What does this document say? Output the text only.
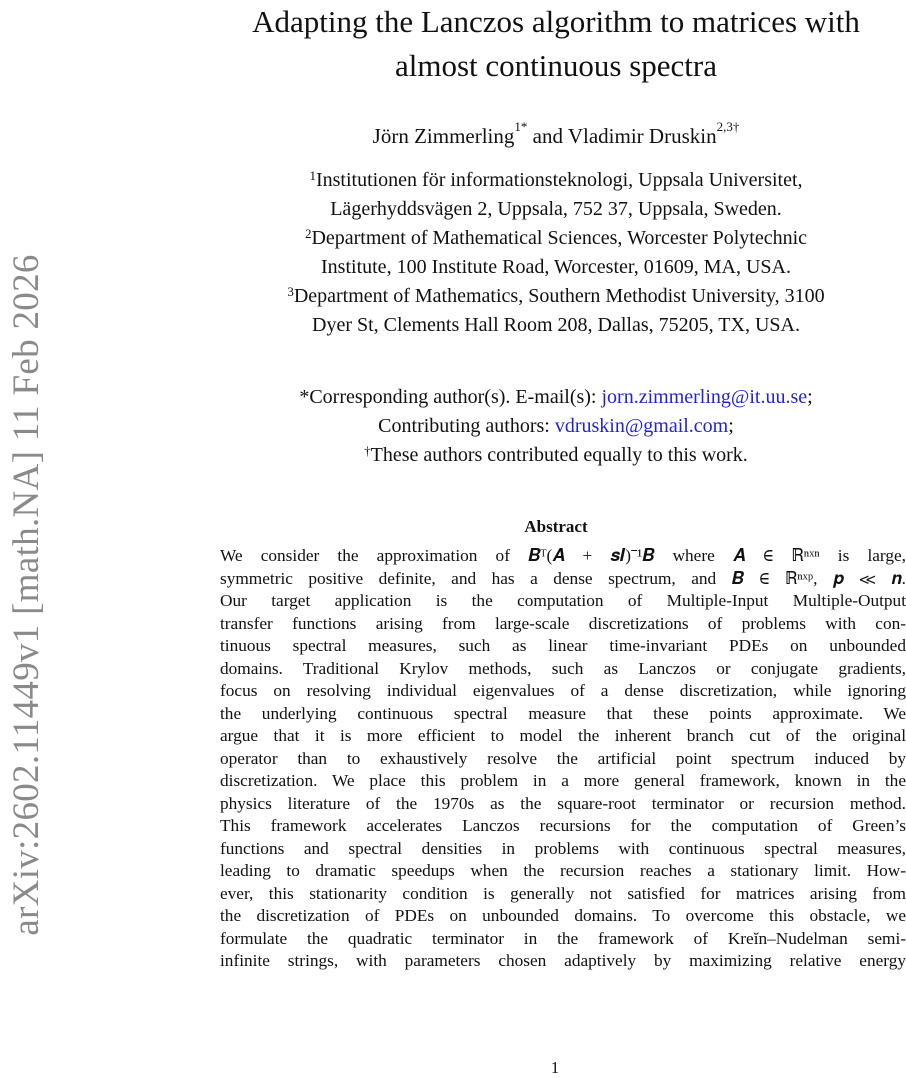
arXiv:2602.11449v1 [math.NA] 11 Feb 2026
Adapting the Lanczos algorithm to matrices with
almost continuous spectra
Jörn Zimmerling$^{1*}$ and Vladimir Druskin$^{2,3\dagger}$
$^1$Institutionen för informationsteknologi, Uppsala Universitet,
Lägerhyddsvägen 2, Uppsala, 752 37, Uppsala, Sweden.
$^2$Department of Mathematical Sciences, Worcester Polytechnic
Institute, 100 Institute Road, Worcester, 01609, MA, USA.
$^3$Department of Mathematics, Southern Methodist University, 3100
Dyer St, Clements Hall Room 208, Dallas, 75205, TX, USA.
*Corresponding author(s). E-mail(s): jorn.zimmerling@it.uu.se;
Contributing authors: vdruskin@gmail.com;
†These authors contributed equally to this work.
Abstract
We consider the approximation of 𝑩ᵀ(𝑨 + 𝒔𝑰)⁻¹𝑩 where 𝑨 ∈ ℝⁿˣⁿ is large,
symmetric positive definite, and has a dense spectrum, and 𝑩 ∈ ℝⁿˣᵖ, 𝒑 ≪ 𝒏.
Our target application is the computation of Multiple-Input Multiple-Output
transfer functions arising from large-scale discretizations of problems with con-
tinuous spectral measures, such as linear time-invariant PDEs on unbounded
domains. Traditional Krylov methods, such as Lanczos or conjugate gradients,
focus on resolving individual eigenvalues of a dense discretization, while ignoring
the underlying continuous spectral measure that these points approximate. We
argue that it is more efficient to model the inherent branch cut of the original
operator than to exhaustively resolve the artificial point spectrum induced by
discretization. We place this problem in a more general framework, known in the
physics literature of the 1970s as the square-root terminator or recursion method.
This framework accelerates Lanczos recursions for the computation of Green’s
functions and spectral densities in problems with continuous spectral measures,
leading to dramatic speedups when the recursion reaches a stationary limit. How-
ever, this stationarity condition is generally not satisfied for matrices arising from
the discretization of PDEs on unbounded domains. To overcome this obstacle, we
formulate the quadratic terminator in the framework of Kreĭn–Nudelman semi-
infinite strings, with parameters chosen adaptively by maximizing relative energy
1
